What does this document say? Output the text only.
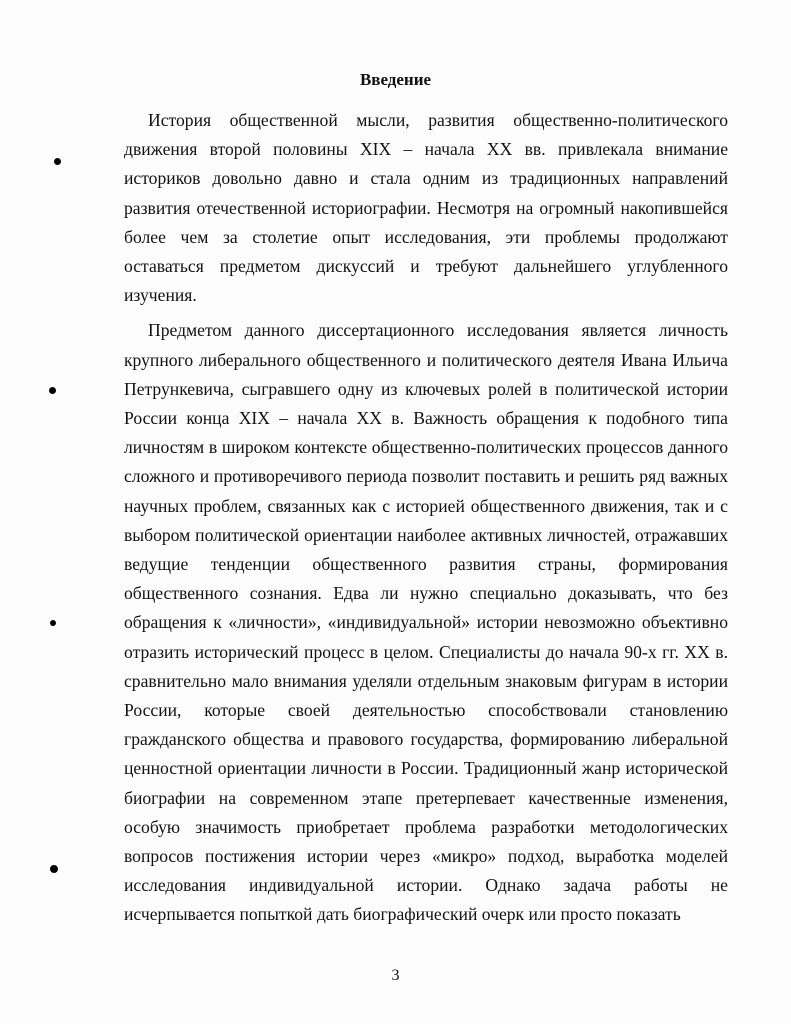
Введение

История общественной мысли, развития общественно-политического движения второй половины XIX – начала XX вв. привлекала внимание историков довольно давно и стала одним из традиционных направлений развития отечественной историографии. Несмотря на огромный накопившейся более чем за столетие опыт исследования, эти проблемы продолжают оставаться предметом дискуссий и требуют дальнейшего углубленного изучения.

Предметом данного диссертационного исследования является личность крупного либерального общественного и политического деятеля Ивана Ильича Петрункевича, сыгравшего одну из ключевых ролей в политической истории России конца XIX – начала XX в. Важность обращения к подобного типа личностям в широком контексте общественно-политических процессов данного сложного и противоречивого периода позволит поставить и решить ряд важных научных проблем, связанных как с историей общественного движения, так и с выбором политической ориентации наиболее активных личностей, отражавших ведущие тенденции общественного развития страны, формирования общественного сознания. Едва ли нужно специально доказывать, что без обращения к «личности», «индивидуальной» истории невозможно объективно отразить исторический процесс в целом. Специалисты до начала 90-х гг. XX в. сравнительно мало внимания уделяли отдельным знаковым фигурам в истории России, которые своей деятельностью способствовали становлению гражданского общества и правового государства, формированию либеральной ценностной ориентации личности в России. Традиционный жанр исторической биографии на современном этапе претерпевает качественные изменения, особую значимость приобретает проблема разработки методологических вопросов постижения истории через «микро» подход, выработка моделей исследования индивидуальной истории. Однако задача работы не исчерпывается попыткой дать биографический очерк или просто показать

3
